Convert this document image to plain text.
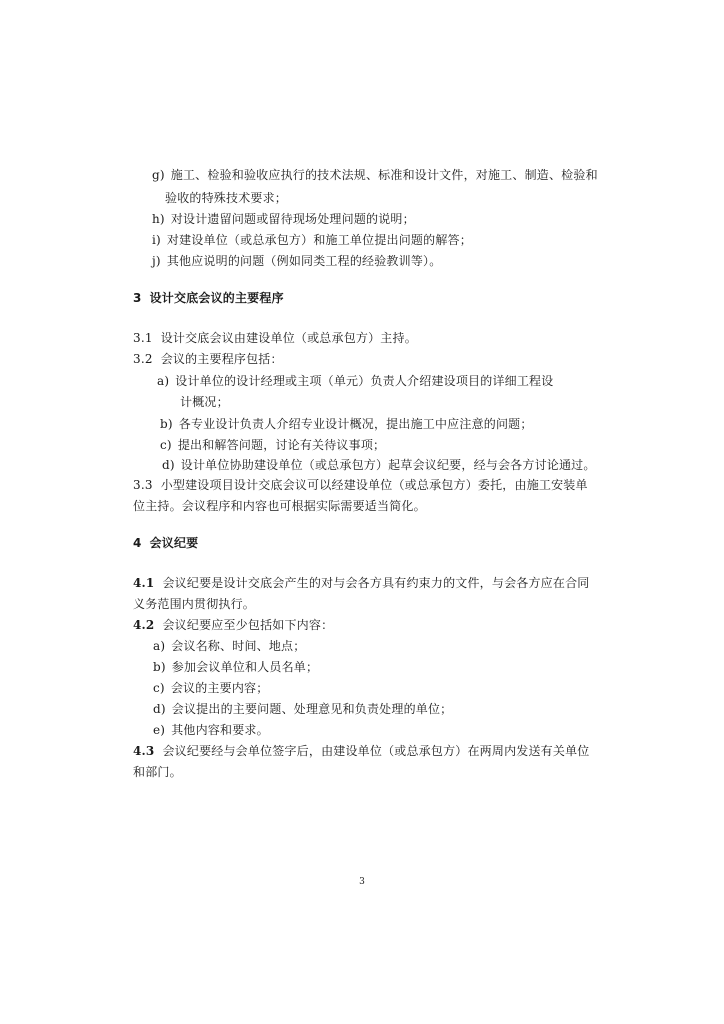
g) 施工、检验和验收应执行的技术法规、标准和设计文件，对施工、制造、检验和
验收的特殊技术要求；
h) 对设计遗留问题或留待现场处理问题的说明；
i) 对建设单位（或总承包方）和施工单位提出问题的解答；
j) 其他应说明的问题（例如同类工程的经验教训等）。
3 设计交底会议的主要程序
3.1 设计交底会议由建设单位（或总承包方）主持。
3.2 会议的主要程序包括：
a) 设计单位的设计经理或主项（单元）负责人介绍建设项目的详细工程设
计概况；
b) 各专业设计负责人介绍专业设计概况，提出施工中应注意的问题；
c) 提出和解答问题，讨论有关待议事项；
d) 设计单位协助建设单位（或总承包方）起草会议纪要，经与会各方讨论通过。
3.3 小型建设项目设计交底会议可以经建设单位（或总承包方）委托，由施工安装单
位主持。会议程序和内容也可根据实际需要适当简化。
4 会议纪要
4.1 会议纪要是设计交底会产生的对与会各方具有约束力的文件，与会各方应在合同
义务范围内贯彻执行。
4.2 会议纪要应至少包括如下内容：
a) 会议名称、时间、地点；
b) 参加会议单位和人员名单；
c) 会议的主要内容；
d) 会议提出的主要问题、处理意见和负责处理的单位；
e) 其他内容和要求。
4.3 会议纪要经与会单位签字后，由建设单位（或总承包方）在两周内发送有关单位
和部门。
3
